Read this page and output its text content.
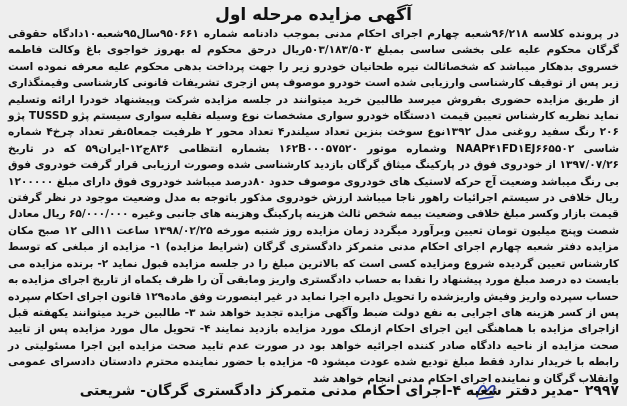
آگهی مزایده مرحله اول

در پرونده کلاسه ۹۶/۲۱۸شعبه چهارم اجرای احکام مدنی بموجب دادنامه شماره ۹۵۰۶۶۱سال۹۵شعبه۱۰دادگاه حقوقی گرگان محکوم علیه علی بخشی ساسی بمبلغ ۵۰۳/۱۸۳/۵۰۳ریال درحق محکوم له بهروز خواجوی باغ وکالت فاطمه خسروی بدهکار میباشد که شخصاثالث نیره طحانیان خودرو زیر را جهت پرداخت بدهی محکوم علیه معرفه نموده است زیر پس از توقیف کارشناسی وارزیابی شده است خودرو موصوف پس ازجری تشریفات قانونی کارشناسی وقیمتگذاری از طریق مزایده حضوری بفروش میرسد طالبین خرید میتوانند در جلسه مزایده شرکت وپیشنهاد خودرا ارائه وتسلیم نماید نظریه کارشناس تعیین قیمت ۱دستگاه خودرو سواری مشخصات نوع وسیله نقلیه سواری سیستم پژو TUSSD پژو ۲۰۶ رنگ سفید روغنی مدل ۱۳۹۲نوع سوخت بنزین تعداد سیلندر۴ تعداد محور ۲ ظرفیت جمعا۵نفر تعداد چرخ۴ شماره شاسی NAAP۴۱FD۱EJ۶۶۵۵۰۲ وشماره موتور ۱۶۲B۰۰۰۵۷۵۲۰ بشماره انتظامی ۸۳۶ج۱۲-ایران۵۹ که در تاریخ ۱۳۹۷/۰۷/۲۶ از خودروی فوق در پارکینگ میثاق گرگان بازدید کارشناسی شده وصورت ارزیابی قرار گرفت خودروی فوق بی رنگ میباشد وضعیت آج حرکه لاستیک های خودروی موصوف حدود ۸۰درصد میباشد خودروی فوق دارای مبلغ ۱۲۰۰۰۰۰ ریال خلافی در سیستم اجرائیات راهور ناجا میباشد ارزش خودروی مذکور باتوجه به مدل وضعیت موجود در نظر گرفتن قیمت بازار وکسر مبلغ خلافی وضعیت بیمه شخص ثالث هزینه پارکینگ وهزینه های جانبی وغیره ۶۵/۰۰۰/۰۰۰ ریال معادل شصت وپنج میلیون تومان تعیین وبرآورد میگردد زمان مزایده روز شنبه مورخه ۱۳۹۸/۰۲/۲۵ ساعت ۱۱الی ۱۲ صبح مکان مزایده دفتر شعبه چهارم اجرای احکام مدنی متمرکز دادگستری گرگان (شرایط مزایده) ۱- مزایده از مبلغی که توسط کارشناس تعیین گردیده شروع ومزایده کسی است که بالاترین مبلغ را در جلسه مزایده قبول نماید ۲- برنده مزایده می بایست ده درصد مبلغ مورد پیشنهاد را نقدا به حساب دادگستری واریز ومابقی آن را ظرف یکماه از تاریخ اجرای مزایده به حساب سپرده واریز وفیش واریزشده را تحویل دایره اجرا نماید در غیر اینصورت وفق ماده۱۲۹ قانون اجرای احکام سپرده پس از کسر هزینه های اجرایی به نفع دولت ضبط وآگهی مزایده تجدید خواهد شد ۳- طالبین خرید میتوانند یکهفته قبل ازاجرای مزایده با هماهنگی این اجرای احکام ازملک مورد مزایده بازدید نمایند ۴- تحویل مال مورد مزایده پس از تایید صحت مزایده از ناحیه دادگاه صادر کننده اجرائیه خواهد بود در صورت عدم تایید صحت مزایده این اجرا مسئولیتی در رابطه با خریدار ندارد فقط مبلغ تودیع شده عودت میشود ۵- مزایده با حضور نماینده محترم دادستان دادسرای عمومی وانقلاب گرگان و نماینده اجرای احکام مدنی انجام خواهد شد

۲۹۹۷-مدیر دفتر شعبه ۴-اجرای احکام مدنی متمرکز دادگستری گرگان- شریعتی
